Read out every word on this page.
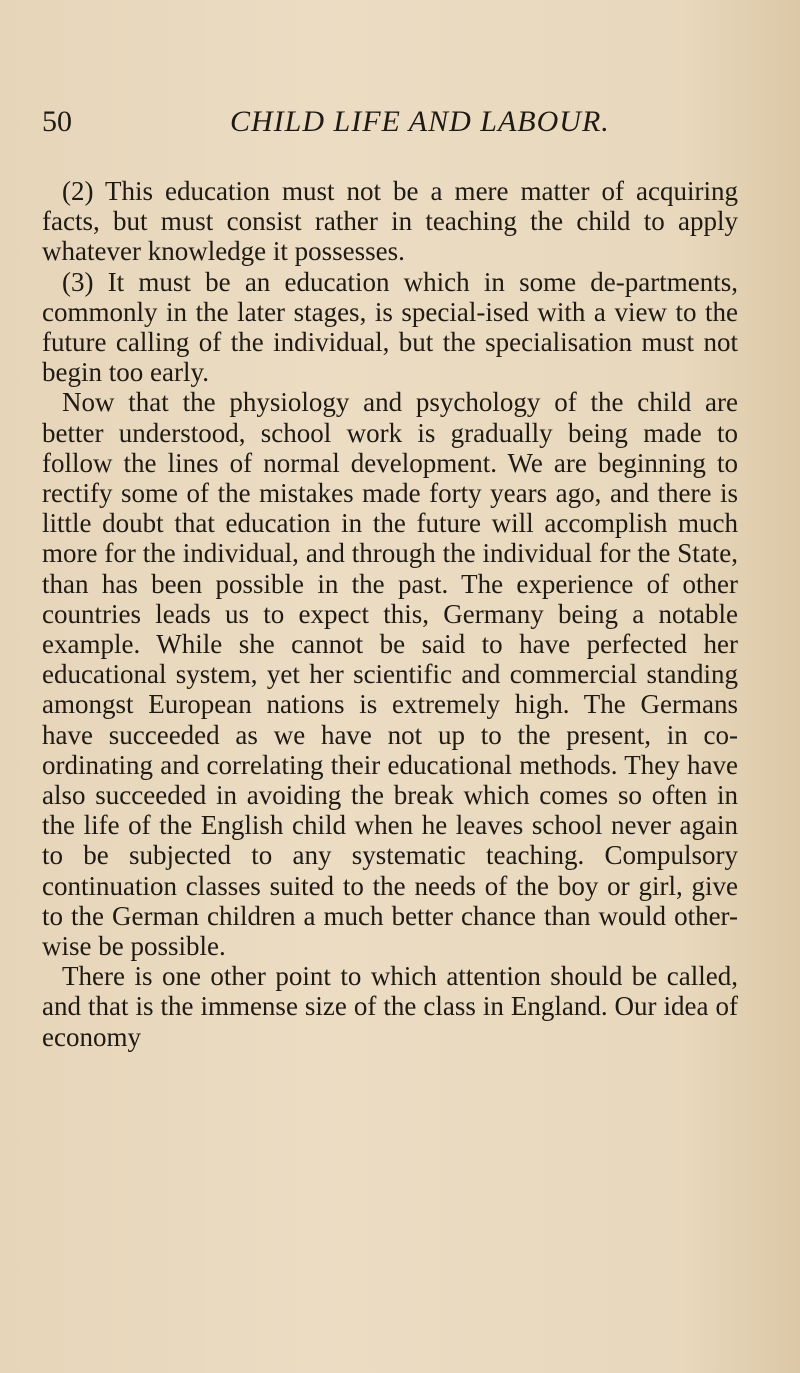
50	CHILD LIFE AND LABOUR.

(2) This education must not be a mere matter of acquiring facts, but must consist rather in teaching the child to apply whatever knowledge it possesses.

(3) It must be an education which in some de-partments, commonly in the later stages, is special-ised with a view to the future calling of the individual, but the specialisation must not begin too early.

Now that the physiology and psychology of the child are better understood, school work is gradually being made to follow the lines of normal development. We are beginning to rectify some of the mistakes made forty years ago, and there is little doubt that education in the future will accomplish much more for the individual, and through the individual for the State, than has been possible in the past. The experience of other countries leads us to expect this, Germany being a notable example. While she cannot be said to have perfected her educational system, yet her scientific and commercial standing amongst European nations is extremely high. The Germans have succeeded as we have not up to the present, in co-ordinating and correlating their educational methods. They have also succeeded in avoiding the break which comes so often in the life of the English child when he leaves school never again to be subjected to any systematic teaching. Compulsory continuation classes suited to the needs of the boy or girl, give to the German children a much better chance than would other-wise be possible.

There is one other point to which attention should be called, and that is the immense size of the class in England. Our idea of economy
